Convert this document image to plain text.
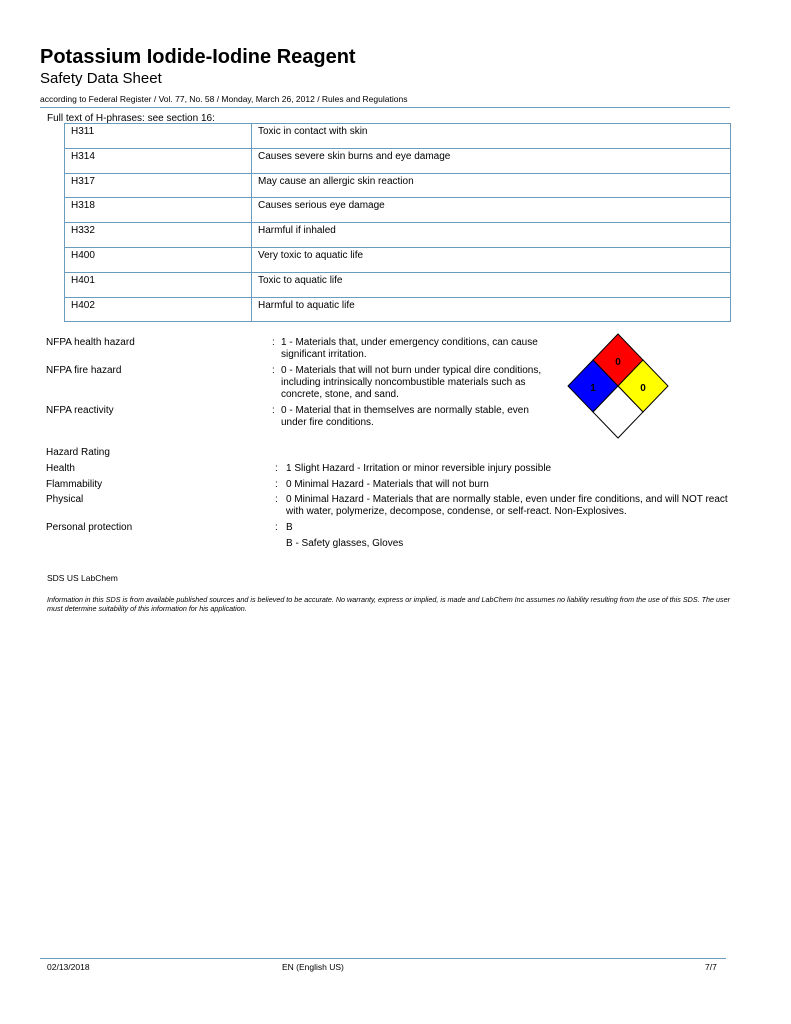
Potassium Iodide-Iodine Reagent
Safety Data Sheet
according to Federal Register / Vol. 77, No. 58 / Monday, March 26, 2012 / Rules and Regulations
Full text of H-phrases: see section 16:
H311	Toxic in contact with skin
H314	Causes severe skin burns and eye damage
H317	May cause an allergic skin reaction
H318	Causes serious eye damage
H332	Harmful if inhaled
H400	Very toxic to aquatic life
H401	Toxic to aquatic life
H402	Harmful to aquatic life
NFPA health hazard	: 1 - Materials that, under emergency conditions, can cause significant irritation.
NFPA fire hazard	: 0 - Materials that will not burn under typical dire conditions, including intrinsically noncombustible materials such as concrete, stone, and sand.
NFPA reactivity	: 0 - Material that in themselves are normally stable, even under fire conditions.
0
1	0
Hazard Rating
Health	: 1 Slight Hazard - Irritation or minor reversible injury possible
Flammability	: 0 Minimal Hazard - Materials that will not burn
Physical	: 0 Minimal Hazard - Materials that are normally stable, even under fire conditions, and will NOT react with water, polymerize, decompose, condense, or self-react. Non-Explosives.
Personal protection	: B
B - Safety glasses, Gloves
SDS US LabChem
Information in this SDS is from available published sources and is believed to be accurate. No warranty, express or implied, is made and LabChem Inc assumes no liability resulting from the use of this SDS. The user must determine suitability of this information for his application.
02/13/2018	EN (English US)	7/7
